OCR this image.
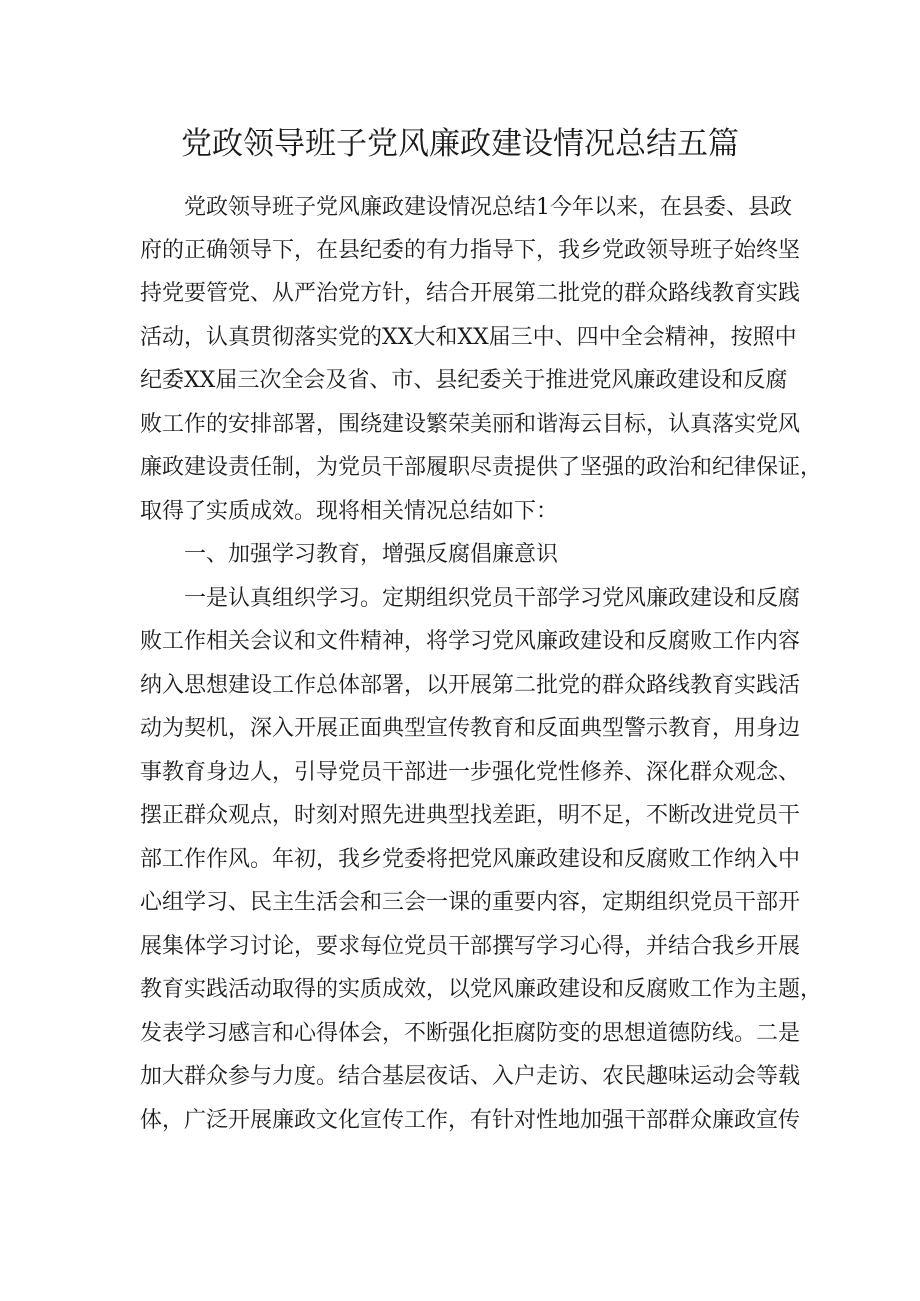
党政领导班子党风廉政建设情况总结五篇

党政领导班子党风廉政建设情况总结1今年以来，在县委、县政

府的正确领导下，在县纪委的有力指导下，我乡党政领导班子始终坚

持党要管党、从严治党方针，结合开展第二批党的群众路线教育实践

活动，认真贯彻落实党的XX大和XX届三中、四中全会精神，按照中

纪委XX届三次全会及省、市、县纪委关于推进党风廉政建设和反腐

败工作的安排部署，围绕建设繁荣美丽和谐海云目标，认真落实党风

廉政建设责任制，为党员干部履职尽责提供了坚强的政治和纪律保证，

取得了实质成效。现将相关情况总结如下：

一、加强学习教育，增强反腐倡廉意识

一是认真组织学习。定期组织党员干部学习党风廉政建设和反腐

败工作相关会议和文件精神，将学习党风廉政建设和反腐败工作内容

纳入思想建设工作总体部署，以开展第二批党的群众路线教育实践活

动为契机，深入开展正面典型宣传教育和反面典型警示教育，用身边

事教育身边人，引导党员干部进一步强化党性修养、深化群众观念、

摆正群众观点，时刻对照先进典型找差距，明不足，不断改进党员干

部工作作风。年初，我乡党委将把党风廉政建设和反腐败工作纳入中

心组学习、民主生活会和三会一课的重要内容，定期组织党员干部开

展集体学习讨论，要求每位党员干部撰写学习心得，并结合我乡开展

教育实践活动取得的实质成效，以党风廉政建设和反腐败工作为主题，

发表学习感言和心得体会，不断强化拒腐防变的思想道德防线。二是

加大群众参与力度。结合基层夜话、入户走访、农民趣味运动会等载

体，广泛开展廉政文化宣传工作，有针对性地加强干部群众廉政宣传
